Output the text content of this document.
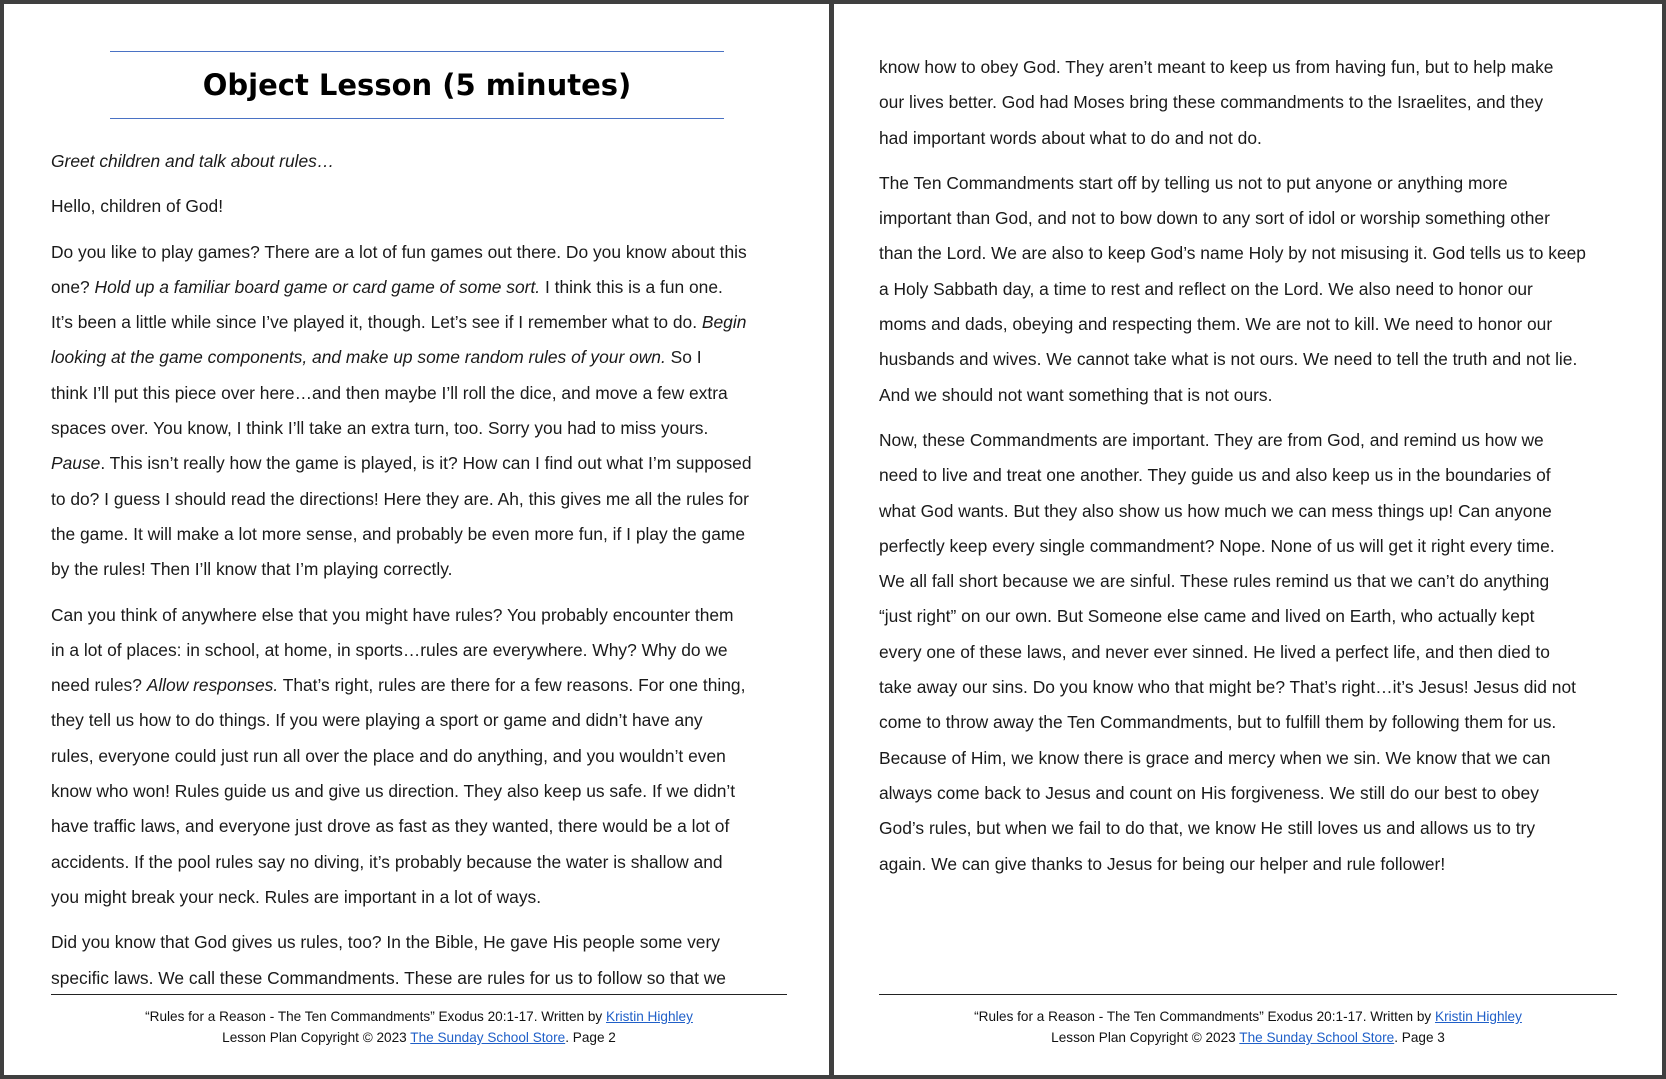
Object Lesson (5 minutes)

Greet children and talk about rules…

Hello, children of God!

Do you like to play games? There are a lot of fun games out there. Do you know about this
one? Hold up a familiar board game or card game of some sort. I think this is a fun one.
It’s been a little while since I’ve played it, though. Let’s see if I remember what to do. Begin
looking at the game components, and make up some random rules of your own. So I
think I’ll put this piece over here…and then maybe I’ll roll the dice, and move a few extra
spaces over. You know, I think I’ll take an extra turn, too. Sorry you had to miss yours.
Pause. This isn’t really how the game is played, is it? How can I find out what I’m supposed
to do? I guess I should read the directions! Here they are. Ah, this gives me all the rules for
the game. It will make a lot more sense, and probably be even more fun, if I play the game
by the rules! Then I’ll know that I’m playing correctly.

Can you think of anywhere else that you might have rules? You probably encounter them
in a lot of places: in school, at home, in sports…rules are everywhere. Why? Why do we
need rules? Allow responses. That’s right, rules are there for a few reasons. For one thing,
they tell us how to do things. If you were playing a sport or game and didn’t have any
rules, everyone could just run all over the place and do anything, and you wouldn’t even
know who won! Rules guide us and give us direction. They also keep us safe. If we didn’t
have traffic laws, and everyone just drove as fast as they wanted, there would be a lot of
accidents. If the pool rules say no diving, it’s probably because the water is shallow and
you might break your neck. Rules are important in a lot of ways.

Did you know that God gives us rules, too? In the Bible, He gave His people some very
specific laws. We call these Commandments. These are rules for us to follow so that we

“Rules for a Reason - The Ten Commandments” Exodus 20:1-17. Written by Kristin Highley
Lesson Plan Copyright © 2023 The Sunday School Store. Page 2

know how to obey God. They aren’t meant to keep us from having fun, but to help make
our lives better. God had Moses bring these commandments to the Israelites, and they
had important words about what to do and not do.

The Ten Commandments start off by telling us not to put anyone or anything more
important than God, and not to bow down to any sort of idol or worship something other
than the Lord. We are also to keep God’s name Holy by not misusing it. God tells us to keep
a Holy Sabbath day, a time to rest and reflect on the Lord. We also need to honor our
moms and dads, obeying and respecting them. We are not to kill. We need to honor our
husbands and wives. We cannot take what is not ours. We need to tell the truth and not lie.
And we should not want something that is not ours.

Now, these Commandments are important. They are from God, and remind us how we
need to live and treat one another. They guide us and also keep us in the boundaries of
what God wants. But they also show us how much we can mess things up! Can anyone
perfectly keep every single commandment? Nope. None of us will get it right every time.
We all fall short because we are sinful. These rules remind us that we can’t do anything
“just right” on our own. But Someone else came and lived on Earth, who actually kept
every one of these laws, and never ever sinned. He lived a perfect life, and then died to
take away our sins. Do you know who that might be? That’s right…it’s Jesus! Jesus did not
come to throw away the Ten Commandments, but to fulfill them by following them for us.
Because of Him, we know there is grace and mercy when we sin. We know that we can
always come back to Jesus and count on His forgiveness. We still do our best to obey
God’s rules, but when we fail to do that, we know He still loves us and allows us to try
again. We can give thanks to Jesus for being our helper and rule follower!

“Rules for a Reason - The Ten Commandments” Exodus 20:1-17. Written by Kristin Highley
Lesson Plan Copyright © 2023 The Sunday School Store. Page 3
